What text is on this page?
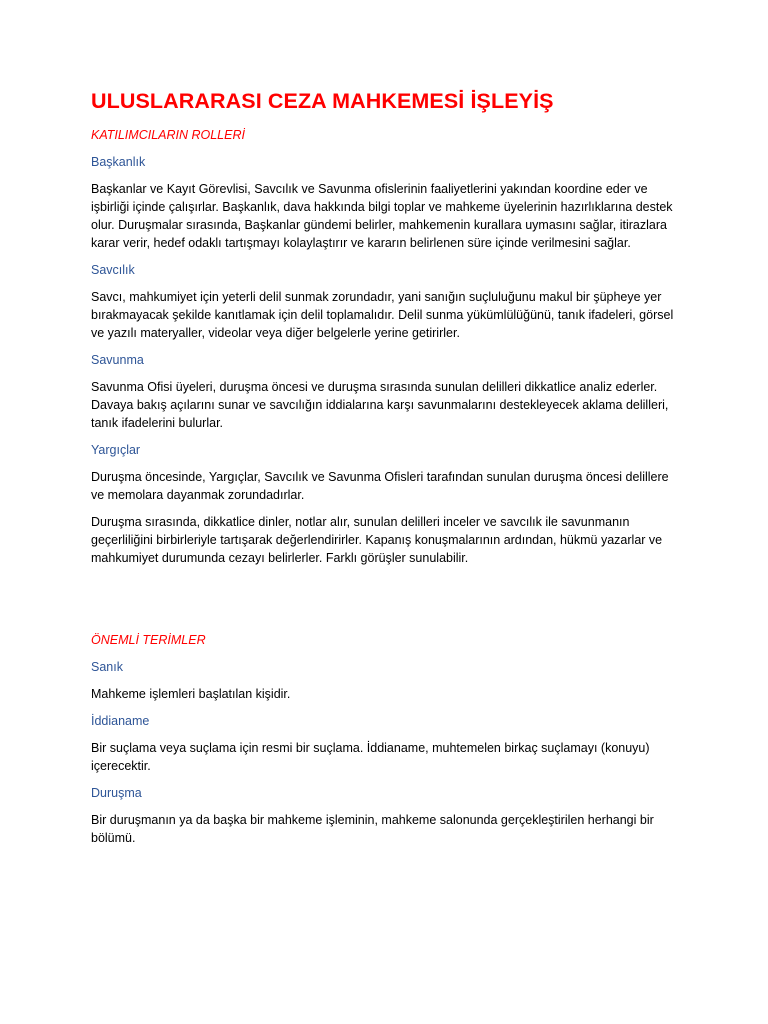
ULUSLARARASI CEZA MAHKEMESİ İŞLEYİŞ

KATILIMCILARIN ROLLERİ

Başkanlık

Başkanlar ve Kayıt Görevlisi, Savcılık ve Savunma ofislerinin faaliyetlerini yakından koordine eder ve işbirliği içinde çalışırlar. Başkanlık, dava hakkında bilgi toplar ve mahkeme üyelerinin hazırlıklarına destek olur. Duruşmalar sırasında, Başkanlar gündemi belirler, mahkemenin kurallara uymasını sağlar, itirazlara karar verir, hedef odaklı tartışmayı kolaylaştırır ve kararın belirlenen süre içinde verilmesini sağlar.

Savcılık

Savcı, mahkumiyet için yeterli delil sunmak zorundadır, yani sanığın suçluluğunu makul bir şüpheye yer bırakmayacak şekilde kanıtlamak için delil toplamalıdır. Delil sunma yükümlülüğünü, tanık ifadeleri, görsel ve yazılı materyaller, videolar veya diğer belgelerle yerine getirirler.

Savunma

Savunma Ofisi üyeleri, duruşma öncesi ve duruşma sırasında sunulan delilleri dikkatlice analiz ederler. Davaya bakış açılarını sunar ve savcılığın iddialarına karşı savunmalarını destekleyecek aklama delilleri, tanık ifadelerini bulurlar.

Yargıçlar

Duruşma öncesinde, Yargıçlar, Savcılık ve Savunma Ofisleri tarafından sunulan duruşma öncesi delillere ve memolara dayanmak zorundadırlar.

Duruşma sırasında, dikkatlice dinler, notlar alır, sunulan delilleri inceler ve savcılık ile savunmanın geçerliliğini birbirleriyle tartışarak değerlendirirler. Kapanış konuşmalarının ardından, hükmü yazarlar ve mahkumiyet durumunda cezayı belirlerler. Farklı görüşler sunulabilir.

ÖNEMLİ TERİMLER

Sanık

Mahkeme işlemleri başlatılan kişidir.

İddianame

Bir suçlama veya suçlama için resmi bir suçlama. İddianame, muhtemelen birkaç suçlamayı (konuyu) içerecektir.

Duruşma

Bir duruşmanın ya da başka bir mahkeme işleminin, mahkeme salonunda gerçekleştirilen herhangi bir bölümü.
